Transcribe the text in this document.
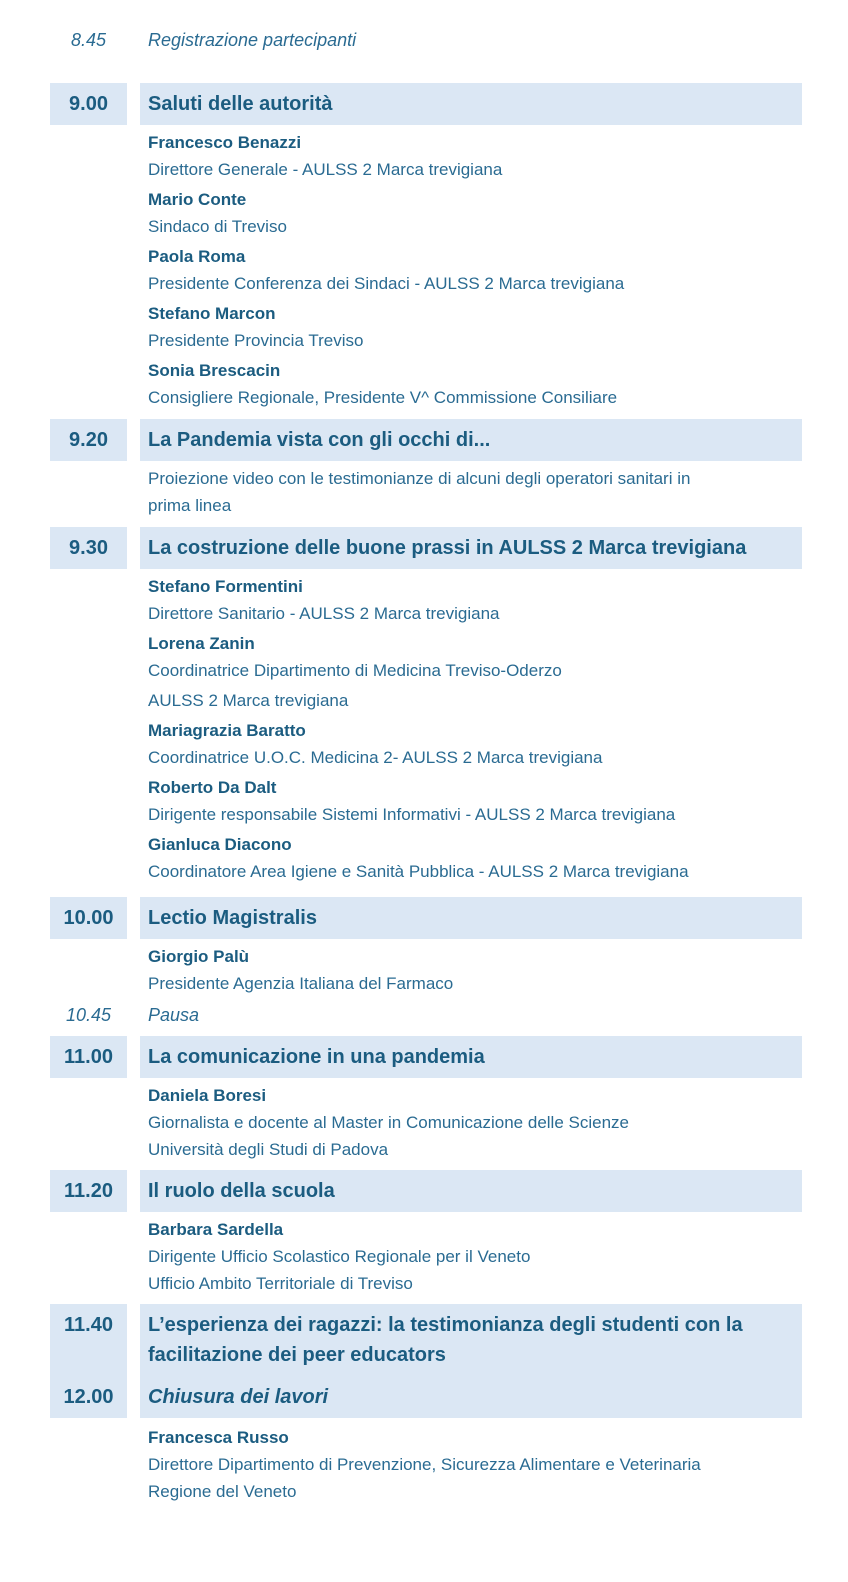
8.45	Registrazione partecipanti
9.00	Saluti delle autorità
Francesco Benazzi
Direttore Generale - AULSS 2 Marca trevigiana
Mario Conte
Sindaco di Treviso
Paola Roma
Presidente Conferenza dei Sindaci - AULSS 2 Marca trevigiana
Stefano Marcon
Presidente Provincia Treviso
Sonia Brescacin
Consigliere Regionale, Presidente V^ Commissione Consiliare
9.20	La Pandemia vista con gli occhi di...
Proiezione video con le testimonianze di alcuni degli operatori sanitari in
prima linea
9.30	La costruzione delle buone prassi in AULSS 2 Marca trevigiana
Stefano Formentini
Direttore Sanitario - AULSS 2 Marca trevigiana
Lorena Zanin
Coordinatrice Dipartimento di Medicina Treviso-Oderzo
AULSS 2 Marca trevigiana
Mariagrazia Baratto
Coordinatrice U.O.C. Medicina 2- AULSS 2 Marca trevigiana
Roberto Da Dalt
Dirigente responsabile Sistemi Informativi - AULSS 2 Marca trevigiana
Gianluca Diacono
Coordinatore Area Igiene e Sanità Pubblica - AULSS 2 Marca trevigiana
10.00	Lectio Magistralis
Giorgio Palù
Presidente Agenzia Italiana del Farmaco
10.45	Pausa
11.00	La comunicazione in una pandemia
Daniela Boresi
Giornalista e docente al Master in Comunicazione delle Scienze
Università degli Studi di Padova
11.20	Il ruolo della scuola
Barbara Sardella
Dirigente Ufficio Scolastico Regionale per il Veneto
Ufficio Ambito Territoriale di Treviso
11.40	L’esperienza dei ragazzi: la testimonianza degli studenti con la facilitazione dei peer educators
12.00	Chiusura dei lavori
Francesca Russo
Direttore Dipartimento di Prevenzione, Sicurezza Alimentare e Veterinaria
Regione del Veneto
